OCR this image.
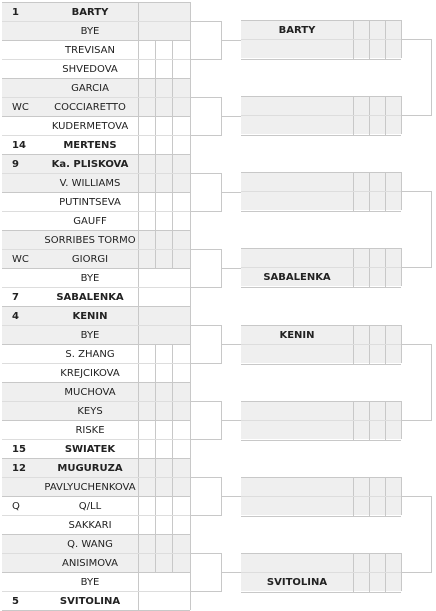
1	BARTY
BYE
TREVISAN
SHVEDOVA
GARCIA
WC	COCCIARETTO
KUDERMETOVA
14	MERTENS
9	Ka. PLISKOVA
V. WILLIAMS
PUTINTSEVA
GAUFF
SORRIBES TORMO
WC	GIORGI
BYE
7	SABALENKA
4	KENIN
BYE
S. ZHANG
KREJCIKOVA
MUCHOVA
KEYS
RISKE
15	SWIATEK
12	MUGURUZA
PAVLYUCHENKOVA
Q	Q/LL
SAKKARI
Q. WANG
ANISIMOVA
BYE
5	SVITOLINA
BARTY
SABALENKA
KENIN
SVITOLINA
